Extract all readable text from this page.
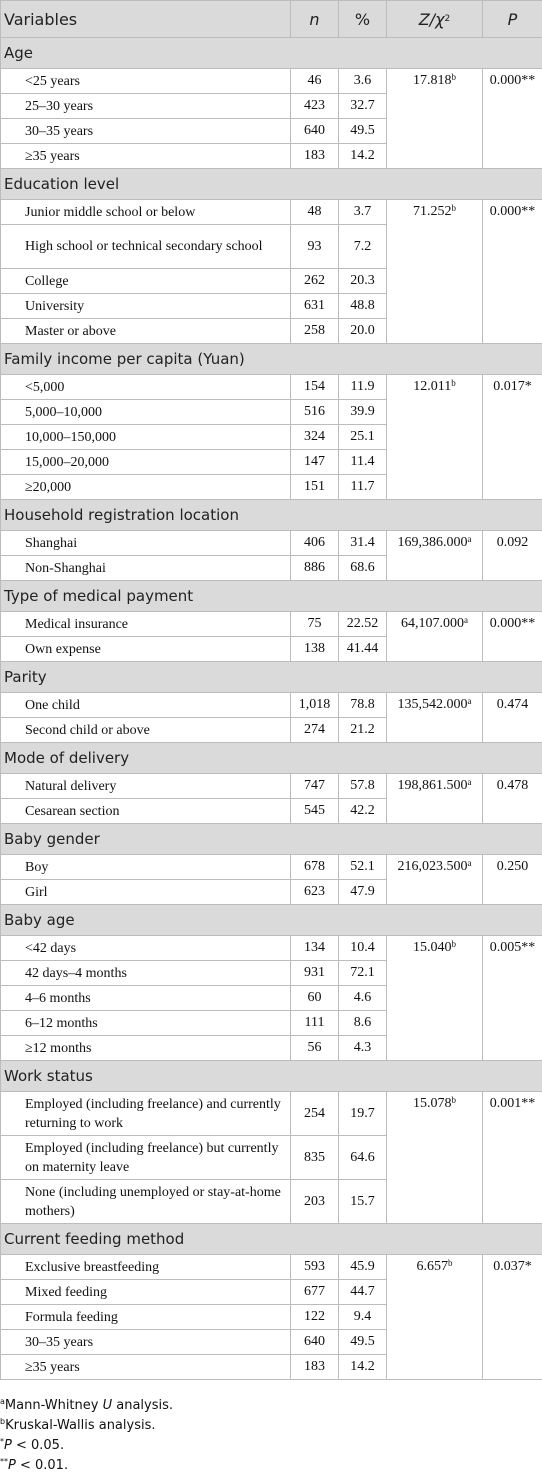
Variables	n	%	$Z/\chi^2$	P
Age				
<25 years	46	3.6	17.818$^b$	0.000**

25–30 years	423	32.7		
30–35 years	640	49.5		
≥35 years	183	14.2		
Education level				
Junior middle school or below	48	3.7	71.252$^b$	0.000**

High school or technical secondary school	93	7.2		
College	262	20.3		
University	631	48.8		
Master or above	258	20.0		
Family income per capita (Yuan)				
<5,000	154	11.9	12.011$^b$	0.017*

5,000–10,000	516	39.9		
10,000–150,000	324	25.1		
15,000–20,000	147	11.4		
≥20,000	151	11.7		
Household registration location				
Shanghai	406	31.4	169,386.000$^a$	0.092

Non-Shanghai	886	68.6		
Type of medical payment				
Medical insurance	75	22.52	64,107.000$^a$	0.000**

Own expense	138	41.44		
Parity				
One child	1,018	78.8	135,542.000$^a$	0.474

Second child or above	274	21.2		
Mode of delivery				
Natural delivery	747	57.8	198,861.500$^a$	0.478

Cesarean section	545	42.2		
Baby gender				
Boy	678	52.1	216,023.500$^a$	0.250

Girl	623	47.9		
Baby age				
<42 days	134	10.4	15.040$^b$	0.005**

42 days–4 months	931	72.1		
4–6 months	60	4.6		
6–12 months	111	8.6		
≥12 months	56	4.3		
Work status				
Employed (including freelance) and currently returning to work	254	19.7	15.078$^b$	0.001**

Employed (including freelance) but currently on maternity leave	835	64.6		
None (including unemployed or stay-at-home mothers)	203	15.7		
Current feeding method				
Exclusive breastfeeding	593	45.9	6.657$^b$	0.037*

Mixed feeding	677	44.7		
Formula feeding	122	9.4		
30–35 years	640	49.5		
≥35 years	183	14.2		
$^a$Mann-Whitney U analysis.
$^b$Kruskal-Wallis analysis.
*P < 0.05.
**P < 0.01.
